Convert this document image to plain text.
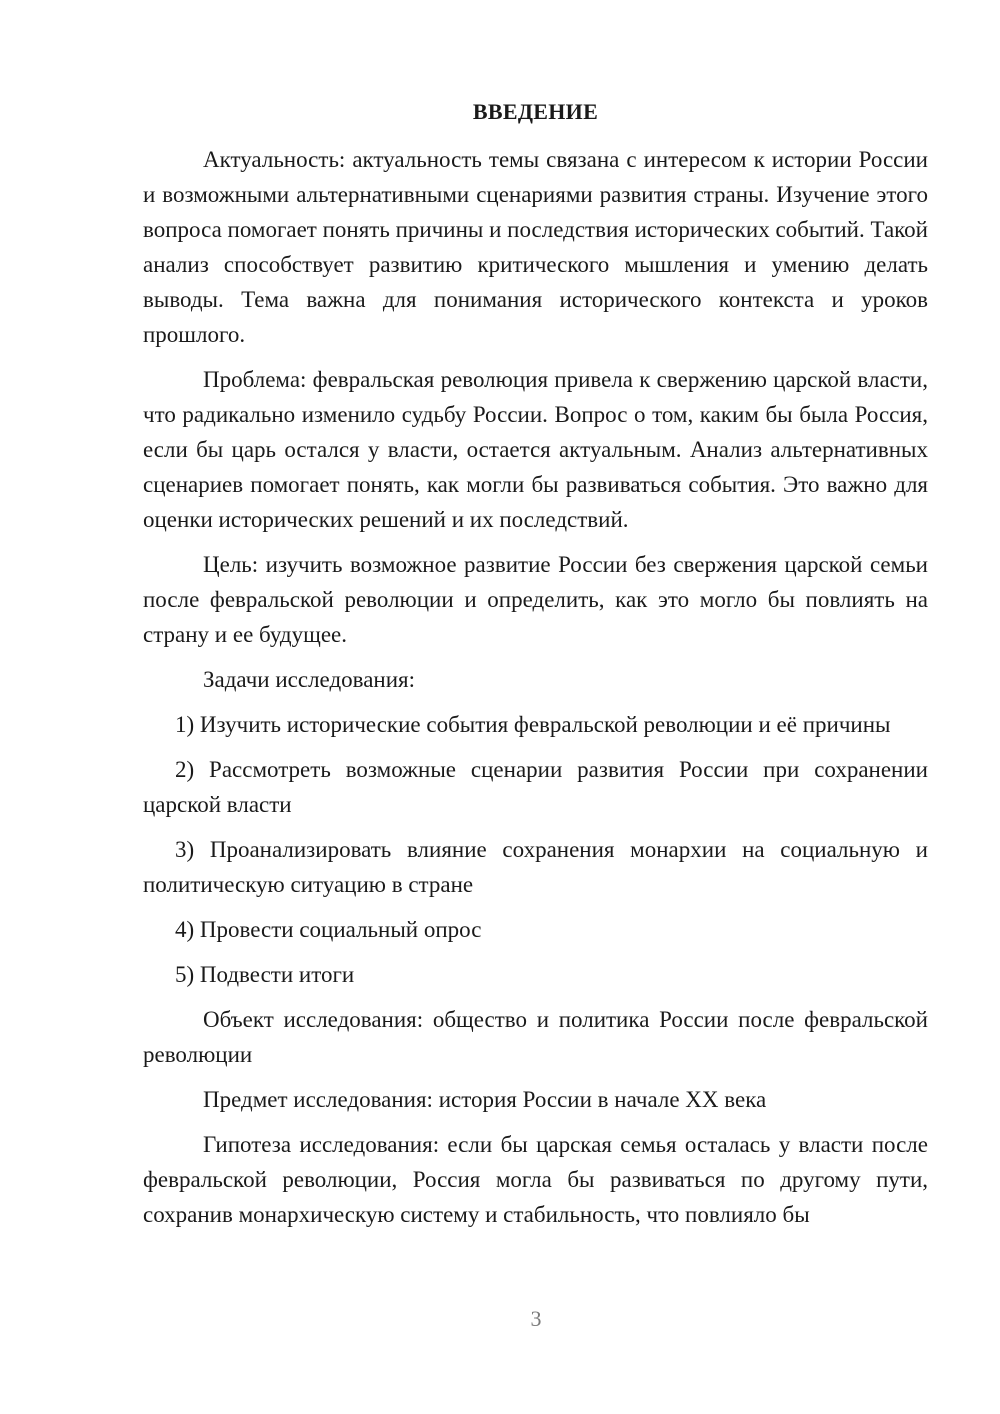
ВВЕДЕНИЕ

Актуальность: актуальность темы связана с интересом к истории России и возможными альтернативными сценариями развития страны. Изучение этого вопроса помогает понять причины и последствия исторических событий. Такой анализ способствует развитию критического мышления и умению делать выводы. Тема важна для понимания исторического контекста и уроков прошлого.

Проблема: февральская революция привела к свержению царской власти, что радикально изменило судьбу России. Вопрос о том, каким бы была Россия, если бы царь остался у власти, остается актуальным. Анализ альтернативных сценариев помогает понять, как могли бы развиваться события. Это важно для оценки исторических решений и их последствий.

Цель: изучить возможное развитие России без свержения царской семьи после февральской революции и определить, как это могло бы повлиять на страну и ее будущее.

Задачи исследования:

1) Изучить исторические события февральской революции и её причины

2) Рассмотреть возможные сценарии развития России при сохранении царской власти

3) Проанализировать влияние сохранения монархии на социальную и политическую ситуацию в стране

4) Провести социальный опрос

5) Подвести итоги

Объект исследования: общество и политика России после февральской революции

Предмет исследования: история России в начале XX века

Гипотеза исследования: если бы царская семья осталась у власти после февральской революции, Россия могла бы развиваться по другому пути, сохранив монархическую систему и стабильность, что повлияло бы

3
